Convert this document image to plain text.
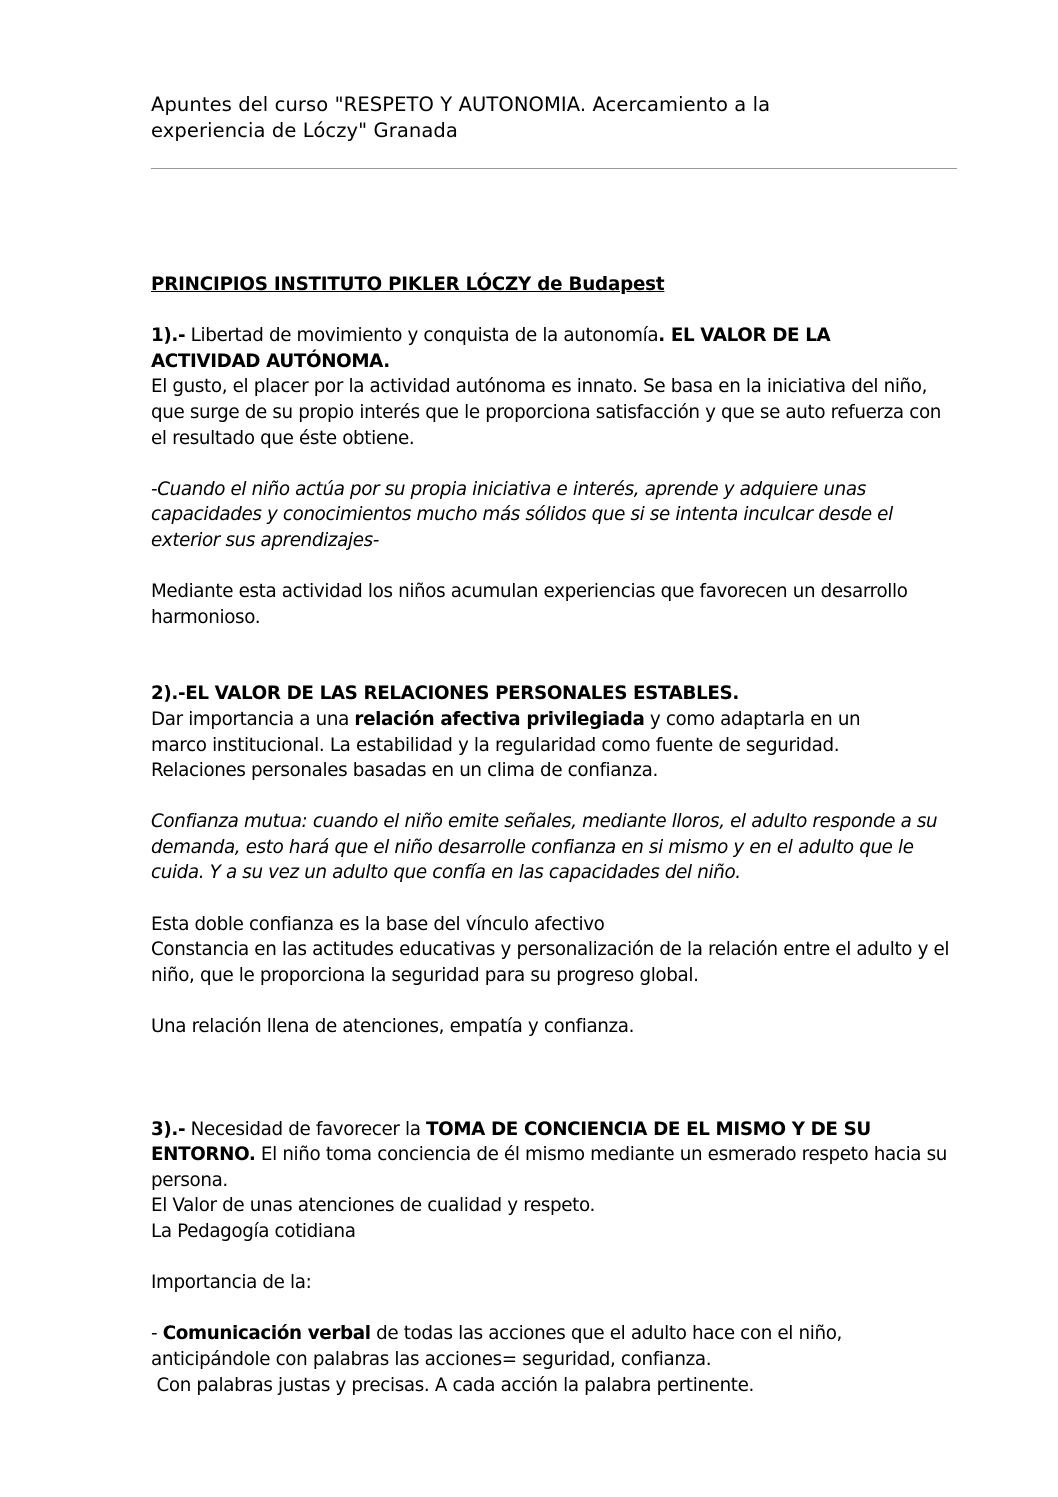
Apuntes del curso "RESPETO Y AUTONOMIA. Acercamiento a la

experiencia de Lóczy" Granada

PRINCIPIOS INSTITUTO PIKLER LÓCZY de Budapest

1).- Libertad de movimiento y conquista de la autonomía. EL VALOR DE LA ACTIVIDAD AUTÓNOMA.

El gusto, el placer por la actividad autónoma es innato. Se basa en la iniciativa del niño, que surge de su propio interés que le proporciona satisfacción y que se auto refuerza con el resultado que éste obtiene.

-Cuando el niño actúa por su propia iniciativa e interés, aprende y adquiere unas capacidades y conocimientos mucho más sólidos que si se intenta inculcar desde el exterior sus aprendizajes-

Mediante esta actividad los niños acumulan experiencias que favorecen un desarrollo harmonioso.

2).-EL VALOR DE LAS RELACIONES PERSONALES ESTABLES.

Dar importancia a una relación afectiva privilegiada y como adaptarla en un marco institucional. La estabilidad y la regularidad como fuente de seguridad. Relaciones personales basadas en un clima de confianza.

Confianza mutua: cuando el niño emite señales, mediante lloros, el adulto responde a su demanda, esto hará que el niño desarrolle confianza en si mismo y en el adulto que le cuida. Y a su vez un adulto que confía en las capacidades del niño.

Esta doble confianza es la base del vínculo afectivo

Constancia en las actitudes educativas y personalización de la relación entre el adulto y el niño, que le proporciona la seguridad para su progreso global.

Una relación llena de atenciones, empatía y confianza.

3).- Necesidad de favorecer la TOMA DE CONCIENCIA DE EL MISMO Y DE SU ENTORNO. El niño toma conciencia de él mismo mediante un esmerado respeto hacia su persona.

El Valor de unas atenciones de cualidad y respeto.

La Pedagogía cotidiana

Importancia de la:

- Comunicación verbal de todas las acciones que el adulto hace con el niño, anticipándole con palabras las acciones= seguridad, confianza.

Con palabras justas y precisas. A cada acción la palabra pertinente.
